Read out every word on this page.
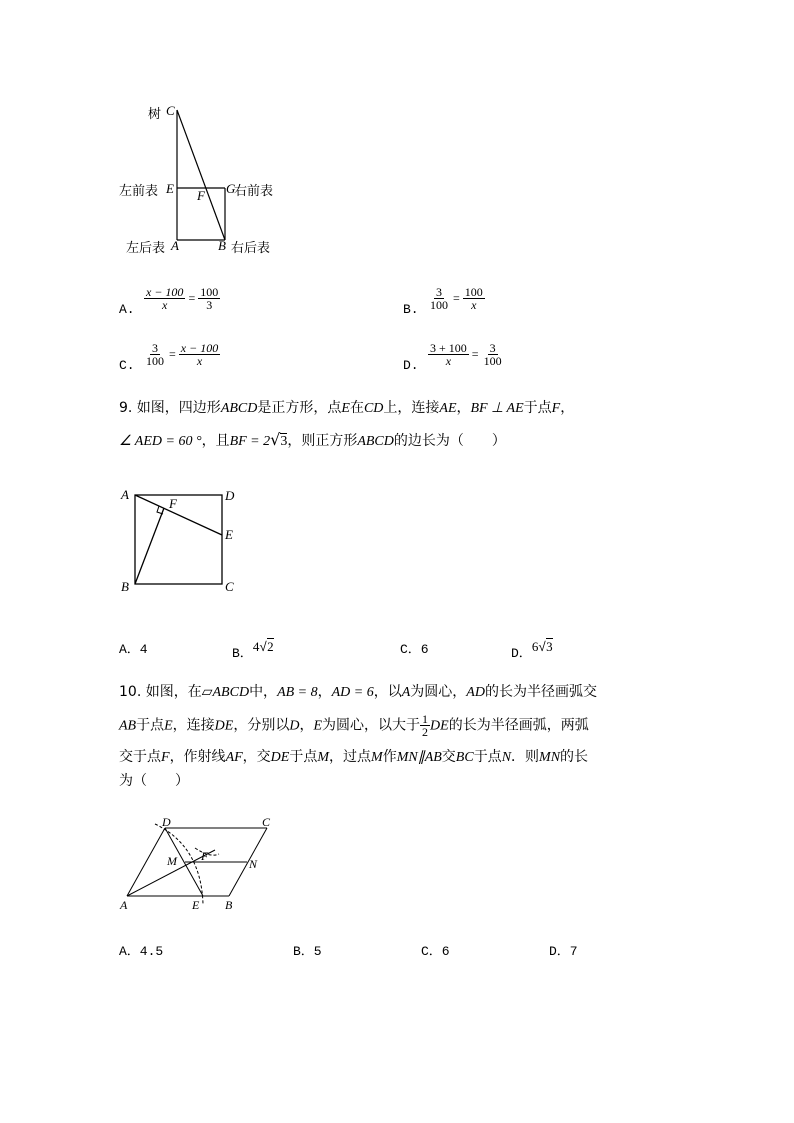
C
E F G
A	B
树
左前表	右前表
左后表	右后表
A. $\frac{x - 100}{x} = \frac{100}{3}$	B. $\frac{3}{100} = \frac{100}{x}$
C. $\frac{3}{100} = \frac{x - 100}{x}$	D. $\frac{3 + 100}{x} = \frac{3}{100}$
9. 如图，四边形ABCD是正方形，点E在CD上，连接AE，BF ⊥ AE于点F，
∠ AED = 60 °，且BF = 2√3，则正方形ABCD的边长为（　　）
A	D
F
E
B	C
A．4	B．4√2	C．6	D．6√3
10. 如图，在▱ABCD中，AB = 8，AD = 6，以A为圆心，AD的长为半径画弧交
AB于点E，连接DE，分别以D，E为圆心，以大于 $\frac{1}{2}$ DE的长为半径画弧，两弧
交于点F，作射线AF，交DE于点M，过点M作MN∥AB交BC于点N．则MN的长
为（　　）
D	C
M F
N
A	E B
A．4.5	B．5	C．6	D．7
